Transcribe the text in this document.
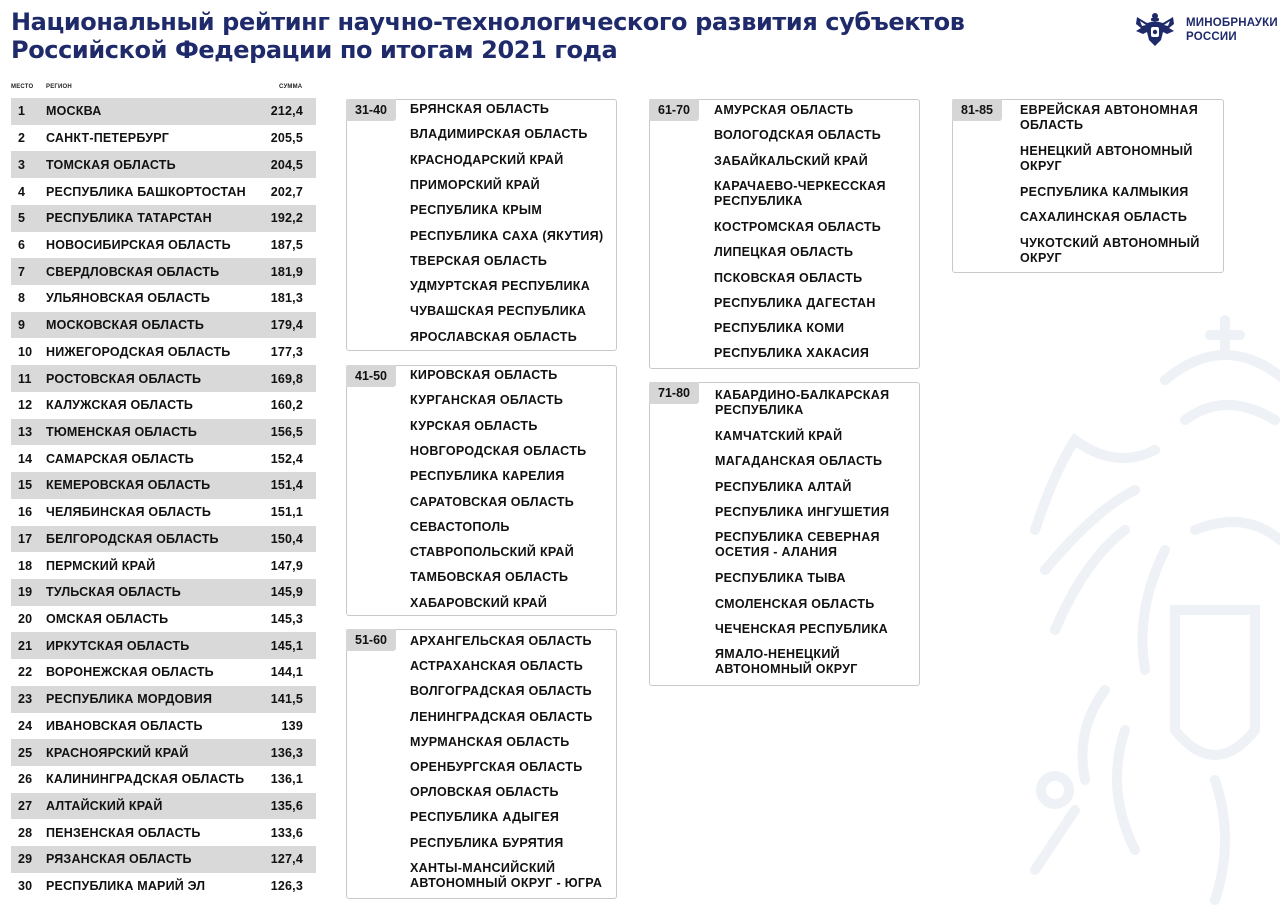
Национальный рейтинг научно-технологического развития субъектов
Российской Федерации по итогам 2021 года
МИНОБРНАУКИ
РОССИИ
МЕСТО РЕГИОН	СУММА
1	МОСКВА	212,4
2	САНКТ-ПЕТЕРБУРГ	205,5
3	ТОМСКАЯ ОБЛАСТЬ	204,5
4	РЕСПУБЛИКА БАШКОРТОСТАН	202,7
5	РЕСПУБЛИКА ТАТАРСТАН	192,2
6	НОВОСИБИРСКАЯ ОБЛАСТЬ	187,5
7	СВЕРДЛОВСКАЯ ОБЛАСТЬ	181,9
8	УЛЬЯНОВСКАЯ ОБЛАСТЬ	181,3
9	МОСКОВСКАЯ ОБЛАСТЬ	179,4
10	НИЖЕГОРОДСКАЯ ОБЛАСТЬ	177,3
11	РОСТОВСКАЯ ОБЛАСТЬ	169,8
12	КАЛУЖСКАЯ ОБЛАСТЬ	160,2
13	ТЮМЕНСКАЯ ОБЛАСТЬ	156,5
14	САМАРСКАЯ ОБЛАСТЬ	152,4
15	КЕМЕРОВСКАЯ ОБЛАСТЬ	151,4
16	ЧЕЛЯБИНСКАЯ ОБЛАСТЬ	151,1
17	БЕЛГОРОДСКАЯ ОБЛАСТЬ	150,4
18	ПЕРМСКИЙ КРАЙ	147,9
19	ТУЛЬСКАЯ ОБЛАСТЬ	145,9
20	ОМСКАЯ ОБЛАСТЬ	145,3
21	ИРКУТСКАЯ ОБЛАСТЬ	145,1
22	ВОРОНЕЖСКАЯ ОБЛАСТЬ	144,1
23	РЕСПУБЛИКА МОРДОВИЯ	141,5
24	ИВАНОВСКАЯ ОБЛАСТЬ	139
25	КРАСНОЯРСКИЙ КРАЙ	136,3
26	КАЛИНИНГРАДСКАЯ ОБЛАСТЬ	136,1
27	АЛТАЙСКИЙ КРАЙ	135,6
28	ПЕНЗЕНСКАЯ ОБЛАСТЬ	133,6
29	РЯЗАНСКАЯ ОБЛАСТЬ	127,4
30	РЕСПУБЛИКА МАРИЙ ЭЛ	126,3
31-40	БРЯНСКАЯ ОБЛАСТЬ
ВЛАДИМИРСКАЯ ОБЛАСТЬ
КРАСНОДАРСКИЙ КРАЙ
ПРИМОРСКИЙ КРАЙ
РЕСПУБЛИКА КРЫМ
РЕСПУБЛИКА САХА (ЯКУТИЯ)
ТВЕРСКАЯ ОБЛАСТЬ
УДМУРТСКАЯ РЕСПУБЛИКА
ЧУВАШСКАЯ РЕСПУБЛИКА
ЯРОСЛАВСКАЯ ОБЛАСТЬ
41-50	КИРОВСКАЯ ОБЛАСТЬ
КУРГАНСКАЯ ОБЛАСТЬ
КУРСКАЯ ОБЛАСТЬ
НОВГОРОДСКАЯ ОБЛАСТЬ
РЕСПУБЛИКА КАРЕЛИЯ
САРАТОВСКАЯ ОБЛАСТЬ
СЕВАСТОПОЛЬ
СТАВРОПОЛЬСКИЙ КРАЙ
ТАМБОВСКАЯ ОБЛАСТЬ
ХАБАРОВСКИЙ КРАЙ
51-60	АРХАНГЕЛЬСКАЯ ОБЛАСТЬ
АСТРАХАНСКАЯ ОБЛАСТЬ
ВОЛГОГРАДСКАЯ ОБЛАСТЬ
ЛЕНИНГРАДСКАЯ ОБЛАСТЬ
МУРМАНСКАЯ ОБЛАСТЬ
ОРЕНБУРГСКАЯ ОБЛАСТЬ
ОРЛОВСКАЯ ОБЛАСТЬ
РЕСПУБЛИКА АДЫГЕЯ
РЕСПУБЛИКА БУРЯТИЯ
ХАНТЫ-МАНСИЙСКИЙ
АВТОНОМНЫЙ ОКРУГ - ЮГРА
61-70	АМУРСКАЯ ОБЛАСТЬ
ВОЛОГОДСКАЯ ОБЛАСТЬ
ЗАБАЙКАЛЬСКИЙ КРАЙ
КАРАЧАЕВО-ЧЕРКЕССКАЯ
РЕСПУБЛИКА
КОСТРОМСКАЯ ОБЛАСТЬ
ЛИПЕЦКАЯ ОБЛАСТЬ
ПСКОВСКАЯ ОБЛАСТЬ
РЕСПУБЛИКА ДАГЕСТАН
РЕСПУБЛИКА КОМИ
РЕСПУБЛИКА ХАКАСИЯ
71-80	КАБАРДИНО-БАЛКАРСКАЯ
РЕСПУБЛИКА
КАМЧАТСКИЙ КРАЙ
МАГАДАНСКАЯ ОБЛАСТЬ
РЕСПУБЛИКА АЛТАЙ
РЕСПУБЛИКА ИНГУШЕТИЯ
РЕСПУБЛИКА СЕВЕРНАЯ
ОСЕТИЯ - АЛАНИЯ
РЕСПУБЛИКА ТЫВА
СМОЛЕНСКАЯ ОБЛАСТЬ
ЧЕЧЕНСКАЯ РЕСПУБЛИКА
ЯМАЛО-НЕНЕЦКИЙ
АВТОНОМНЫЙ ОКРУГ
81-85	ЕВРЕЙСКАЯ АВТОНОМНАЯ
ОБЛАСТЬ
НЕНЕЦКИЙ АВТОНОМНЫЙ
ОКРУГ
РЕСПУБЛИКА КАЛМЫКИЯ
САХАЛИНСКАЯ ОБЛАСТЬ
ЧУКОТСКИЙ АВТОНОМНЫЙ
ОКРУГ
